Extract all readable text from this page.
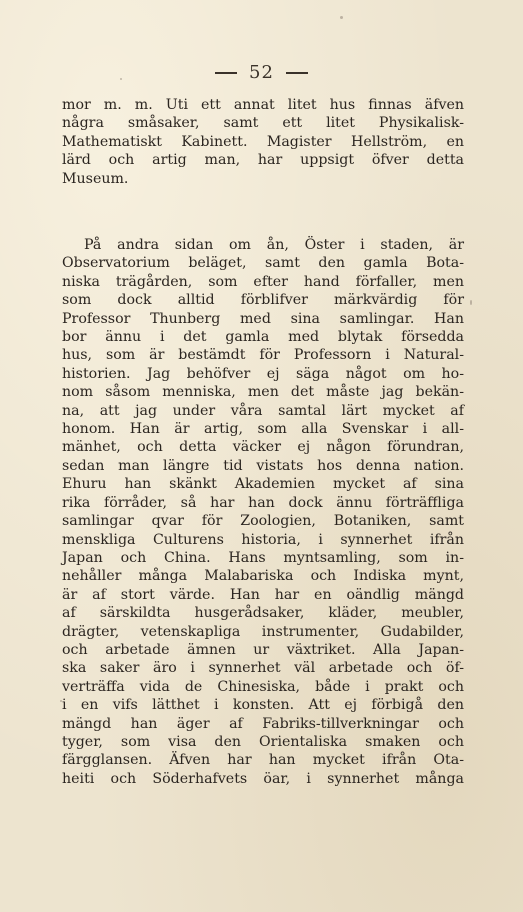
52
mor m. m. Uti ett annat litet hus finnas äfven
några småsaker, samt ett litet Physikalisk-
Mathematiskt Kabinett. Magister Hellström, en
lärd och artig man, har uppsigt öfver detta
Museum.
På andra sidan om ån, Öster i staden, är
Observatorium beläget, samt den gamla Bota-
niska trägården, som efter hand förfaller, men
som dock alltid förblifver märkvärdig för
Professor Thunberg med sina samlingar. Han
bor ännu i det gamla med blytak försedda
hus, som är bestämdt för Professorn i Natural-
historien. Jag behöfver ej säga något om ho-
nom såsom menniska, men det måste jag bekän-
na, att jag under våra samtal lärt mycket af
honom. Han är artig, som alla Svenskar i all-
mänhet, och detta väcker ej någon förundran,
sedan man längre tid vistats hos denna nation.
Ehuru han skänkt Akademien mycket af sina
rika förråder, så har han dock ännu förträffliga
samlingar qvar för Zoologien, Botaniken, samt
menskliga Culturens historia, i synnerhet ifrån
Japan och China. Hans myntsamling, som in-
nehåller många Malabariska och Indiska mynt,
är af stort värde. Han har en oändlig mängd
af särskildta husgerådsaker, kläder, meubler,
drägter, vetenskapliga instrumenter, Gudabilder,
och arbetade ämnen ur växtriket. Alla Japan-
ska saker äro i synnerhet väl arbetade och öf-
verträffa vida de Chinesiska, både i prakt och
i en vifs lätthet i konsten. Att ej förbigå den
mängd han äger af Fabriks-tillverkningar och
tyger, som visa den Orientaliska smaken och
färgglansen. Äfven har han mycket ifrån Ota-
heiti och Söderhafvets öar, i synnerhet många
